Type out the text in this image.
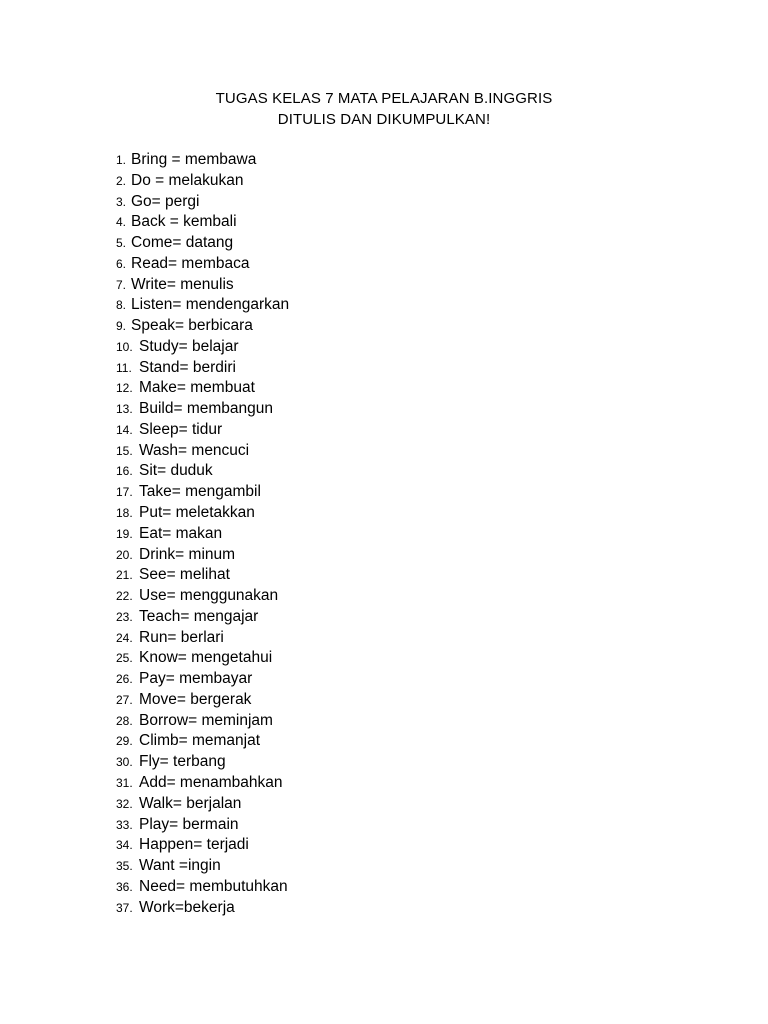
TUGAS KELAS 7 MATA PELAJARAN B.INGGRIS
DITULIS DAN DIKUMPULKAN!
1. Bring = membawa
2. Do = melakukan
3. Go= pergi
4. Back = kembali
5. Come= datang
6. Read= membaca
7. Write= menulis
8. Listen= mendengarkan
9. Speak= berbicara
10. Study= belajar
11. Stand= berdiri
12. Make= membuat
13. Build= membangun
14. Sleep= tidur
15. Wash= mencuci
16. Sit= duduk
17. Take= mengambil
18. Put= meletakkan
19. Eat= makan
20. Drink= minum
21. See= melihat
22. Use= menggunakan
23. Teach= mengajar
24. Run= berlari
25. Know= mengetahui
26. Pay= membayar
27. Move= bergerak
28. Borrow= meminjam
29. Climb= memanjat
30. Fly= terbang
31. Add= menambahkan
32. Walk= berjalan
33. Play= bermain
34. Happen= terjadi
35. Want =ingin
36. Need= membutuhkan
37. Work=bekerja
